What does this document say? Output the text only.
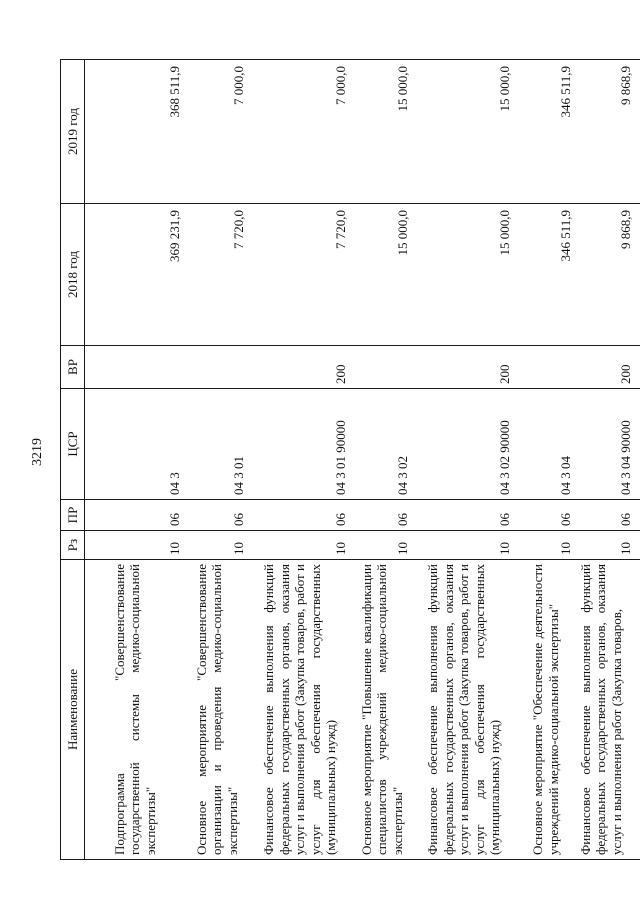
3219
Наименование	Рз	ПР	ЦСР	ВР	2018 год	2019 год
Подпрограмма "Совершенствование государственной системы медико-социальной экспертизы"	10	06	04 3		369 231,9	368 511,9
Основное мероприятие "Совершенствование организации и проведения медико-социальной экспертизы"	10	06	04 3 01		7 720,0	7 000,0
Финансовое обеспечение выполнения функций федеральных государственных органов, оказания услуг и выполнения работ (Закупка товаров, работ и услуг для обеспечения государственных (муниципальных) нужд)	10	06	04 3 01 90000	200	7 720,0	7 000,0
Основное мероприятие "Повышение квалификации специалистов учреждений медико-социальной экспертизы"	10	06	04 3 02		15 000,0	15 000,0
Финансовое обеспечение выполнения функций федеральных государственных органов, оказания услуг и выполнения работ (Закупка товаров, работ и услуг для обеспечения государственных (муниципальных) нужд)	10	06	04 3 02 90000	200	15 000,0	15 000,0
Основное мероприятие "Обеспечение деятельности учреждений медико-социальной экспертизы"	10	06	04 3 04		346 511,9	346 511,9
Финансовое обеспечение выполнения функций федеральных государственных органов, оказания услуг и выполнения работ (Закупка товаров,	10	06	04 3 04 90000	200	9 868,9	9 868,9
